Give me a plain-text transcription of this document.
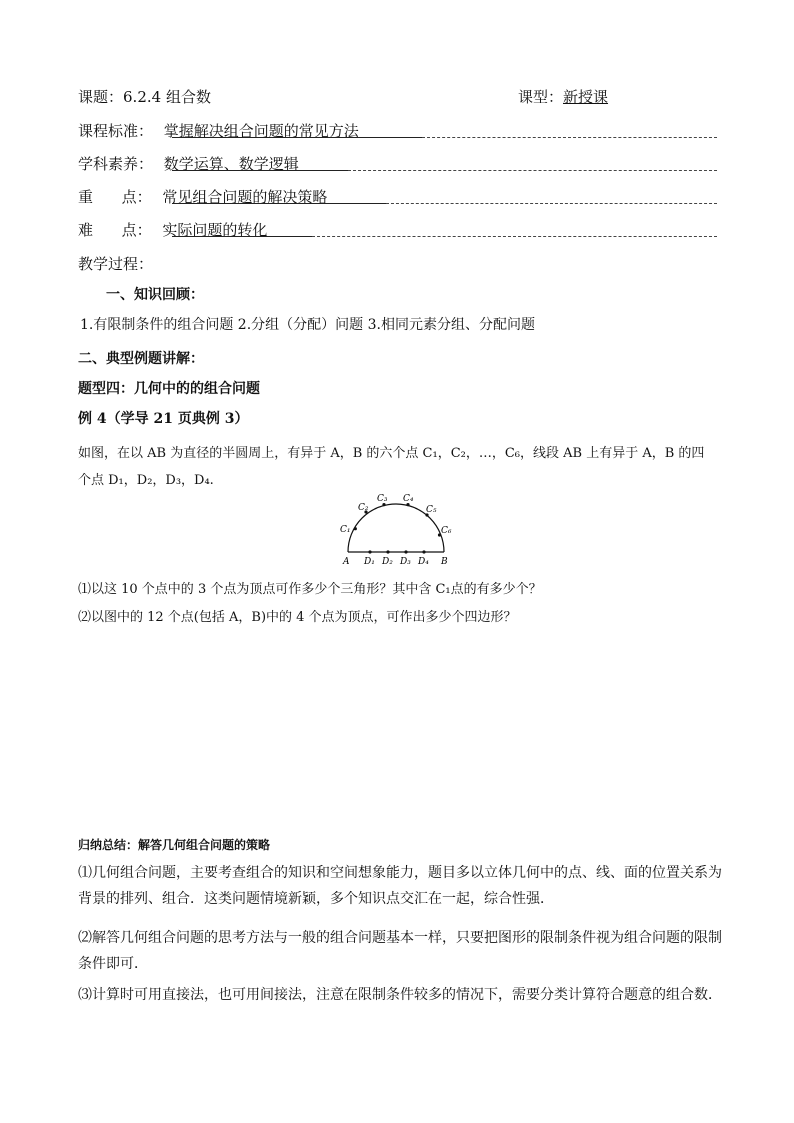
课题：6.2.4 组合数	课型：新授课
课程标准： 掌握解决组合问题的常见方法
学科素养： 数学运算、数学逻辑
重      点： 常见组合问题的解决策略
难      点： 实际问题的转化
教学过程：
一、知识回顾：
1.有限制条件的组合问题 2.分组（分配）问题 3.相同元素分组、分配问题
二、典型例题讲解：
题型四：几何中的的组合问题
例 4（学导 21 页典例 3）
如图，在以 AB 为直径的半圆周上，有异于 A，B 的六个点 C₁，C₂，…，C₆，线段 AB 上有异于 A，B 的四
个点 D₁，D₂，D₃，D₄.
C₁
C₂
C₃ C₄
C₅
C₆
A D₁ D₂ D₃ D₄ B
⑴以这 10 个点中的 3 个点为顶点可作多少个三角形？其中含 C₁点的有多少个？
⑵以图中的 12 个点(包括 A，B)中的 4 个点为顶点，可作出多少个四边形？
归纳总结：解答几何组合问题的策略
⑴几何组合问题，主要考查组合的知识和空间想象能力，题目多以立体几何中的点、线、面的位置关系为背景的排列、组合．这类问题情境新颖，多个知识点交汇在一起，综合性强．
⑵解答几何组合问题的思考方法与一般的组合问题基本一样，只要把图形的限制条件视为组合问题的限制条件即可．
⑶计算时可用直接法，也可用间接法，注意在限制条件较多的情况下，需要分类计算符合题意的组合数．
